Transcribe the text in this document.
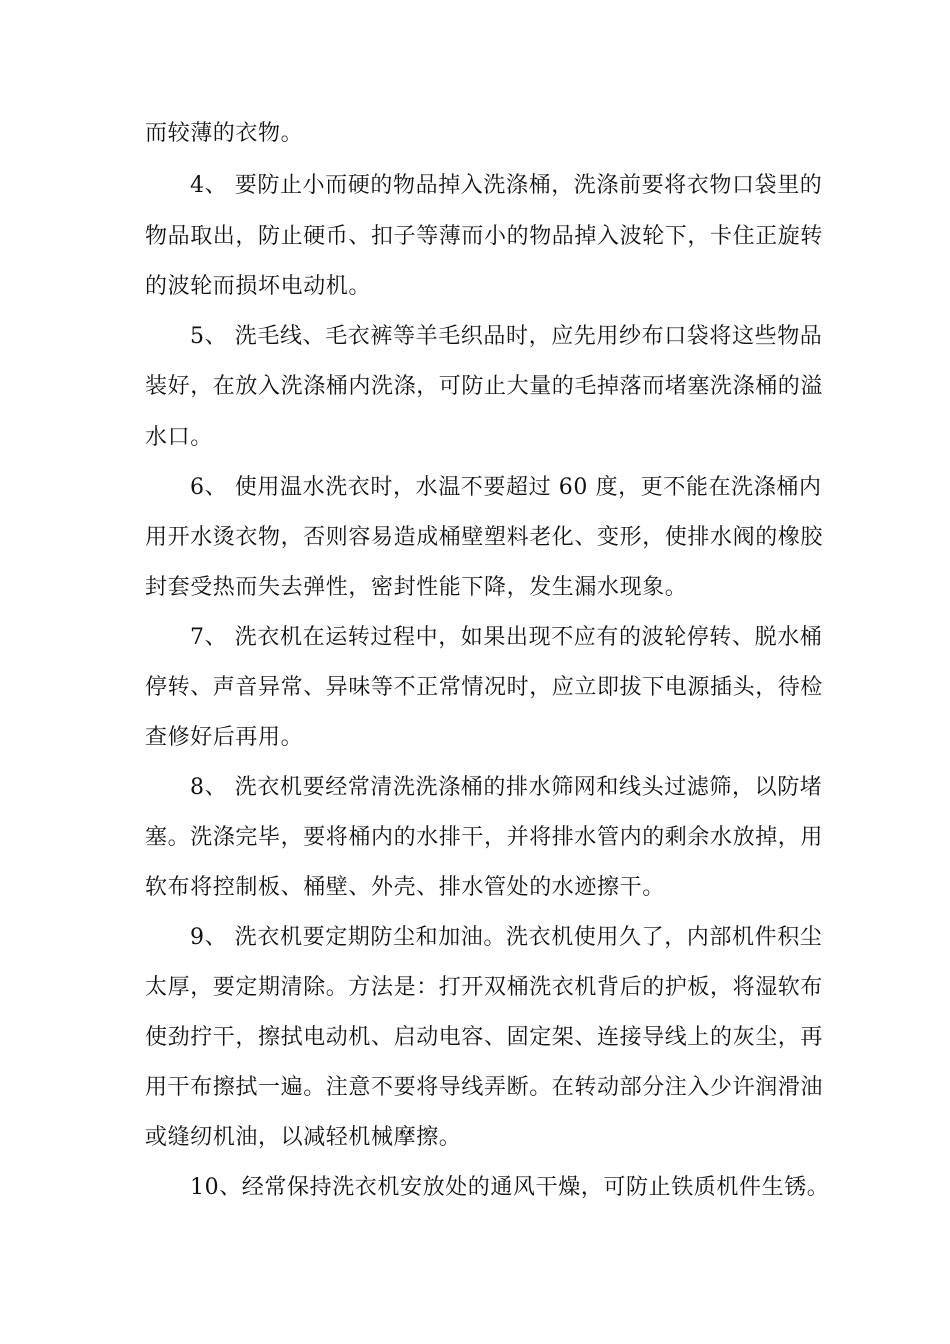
而较薄的衣物。
4、 要防止小而硬的物品掉入洗涤桶，洗涤前要将衣物口袋里的
物品取出，防止硬币、扣子等薄而小的物品掉入波轮下，卡住正旋转
的波轮而损坏电动机。
5、 洗毛线、毛衣裤等羊毛织品时，应先用纱布口袋将这些物品
装好，在放入洗涤桶内洗涤，可防止大量的毛掉落而堵塞洗涤桶的溢
水口。
6、 使用温水洗衣时，水温不要超过 60 度，更不能在洗涤桶内
用开水烫衣物，否则容易造成桶壁塑料老化、变形，使排水阀的橡胶
封套受热而失去弹性，密封性能下降，发生漏水现象。
7、 洗衣机在运转过程中，如果出现不应有的波轮停转、脱水桶
停转、声音异常、异味等不正常情况时，应立即拔下电源插头，待检
查修好后再用。
8、 洗衣机要经常清洗洗涤桶的排水筛网和线头过滤筛，以防堵
塞。洗涤完毕，要将桶内的水排干，并将排水管内的剩余水放掉，用
软布将控制板、桶壁、外壳、排水管处的水迹擦干。
9、 洗衣机要定期防尘和加油。洗衣机使用久了，内部机件积尘
太厚，要定期清除。方法是：打开双桶洗衣机背后的护板，将湿软布
使劲拧干，擦拭电动机、启动电容、固定架、连接导线上的灰尘，再
用干布擦拭一遍。注意不要将导线弄断。在转动部分注入少许润滑油
或缝纫机油，以减轻机械摩擦。
10、经常保持洗衣机安放处的通风干燥，可防止铁质机件生锈。
